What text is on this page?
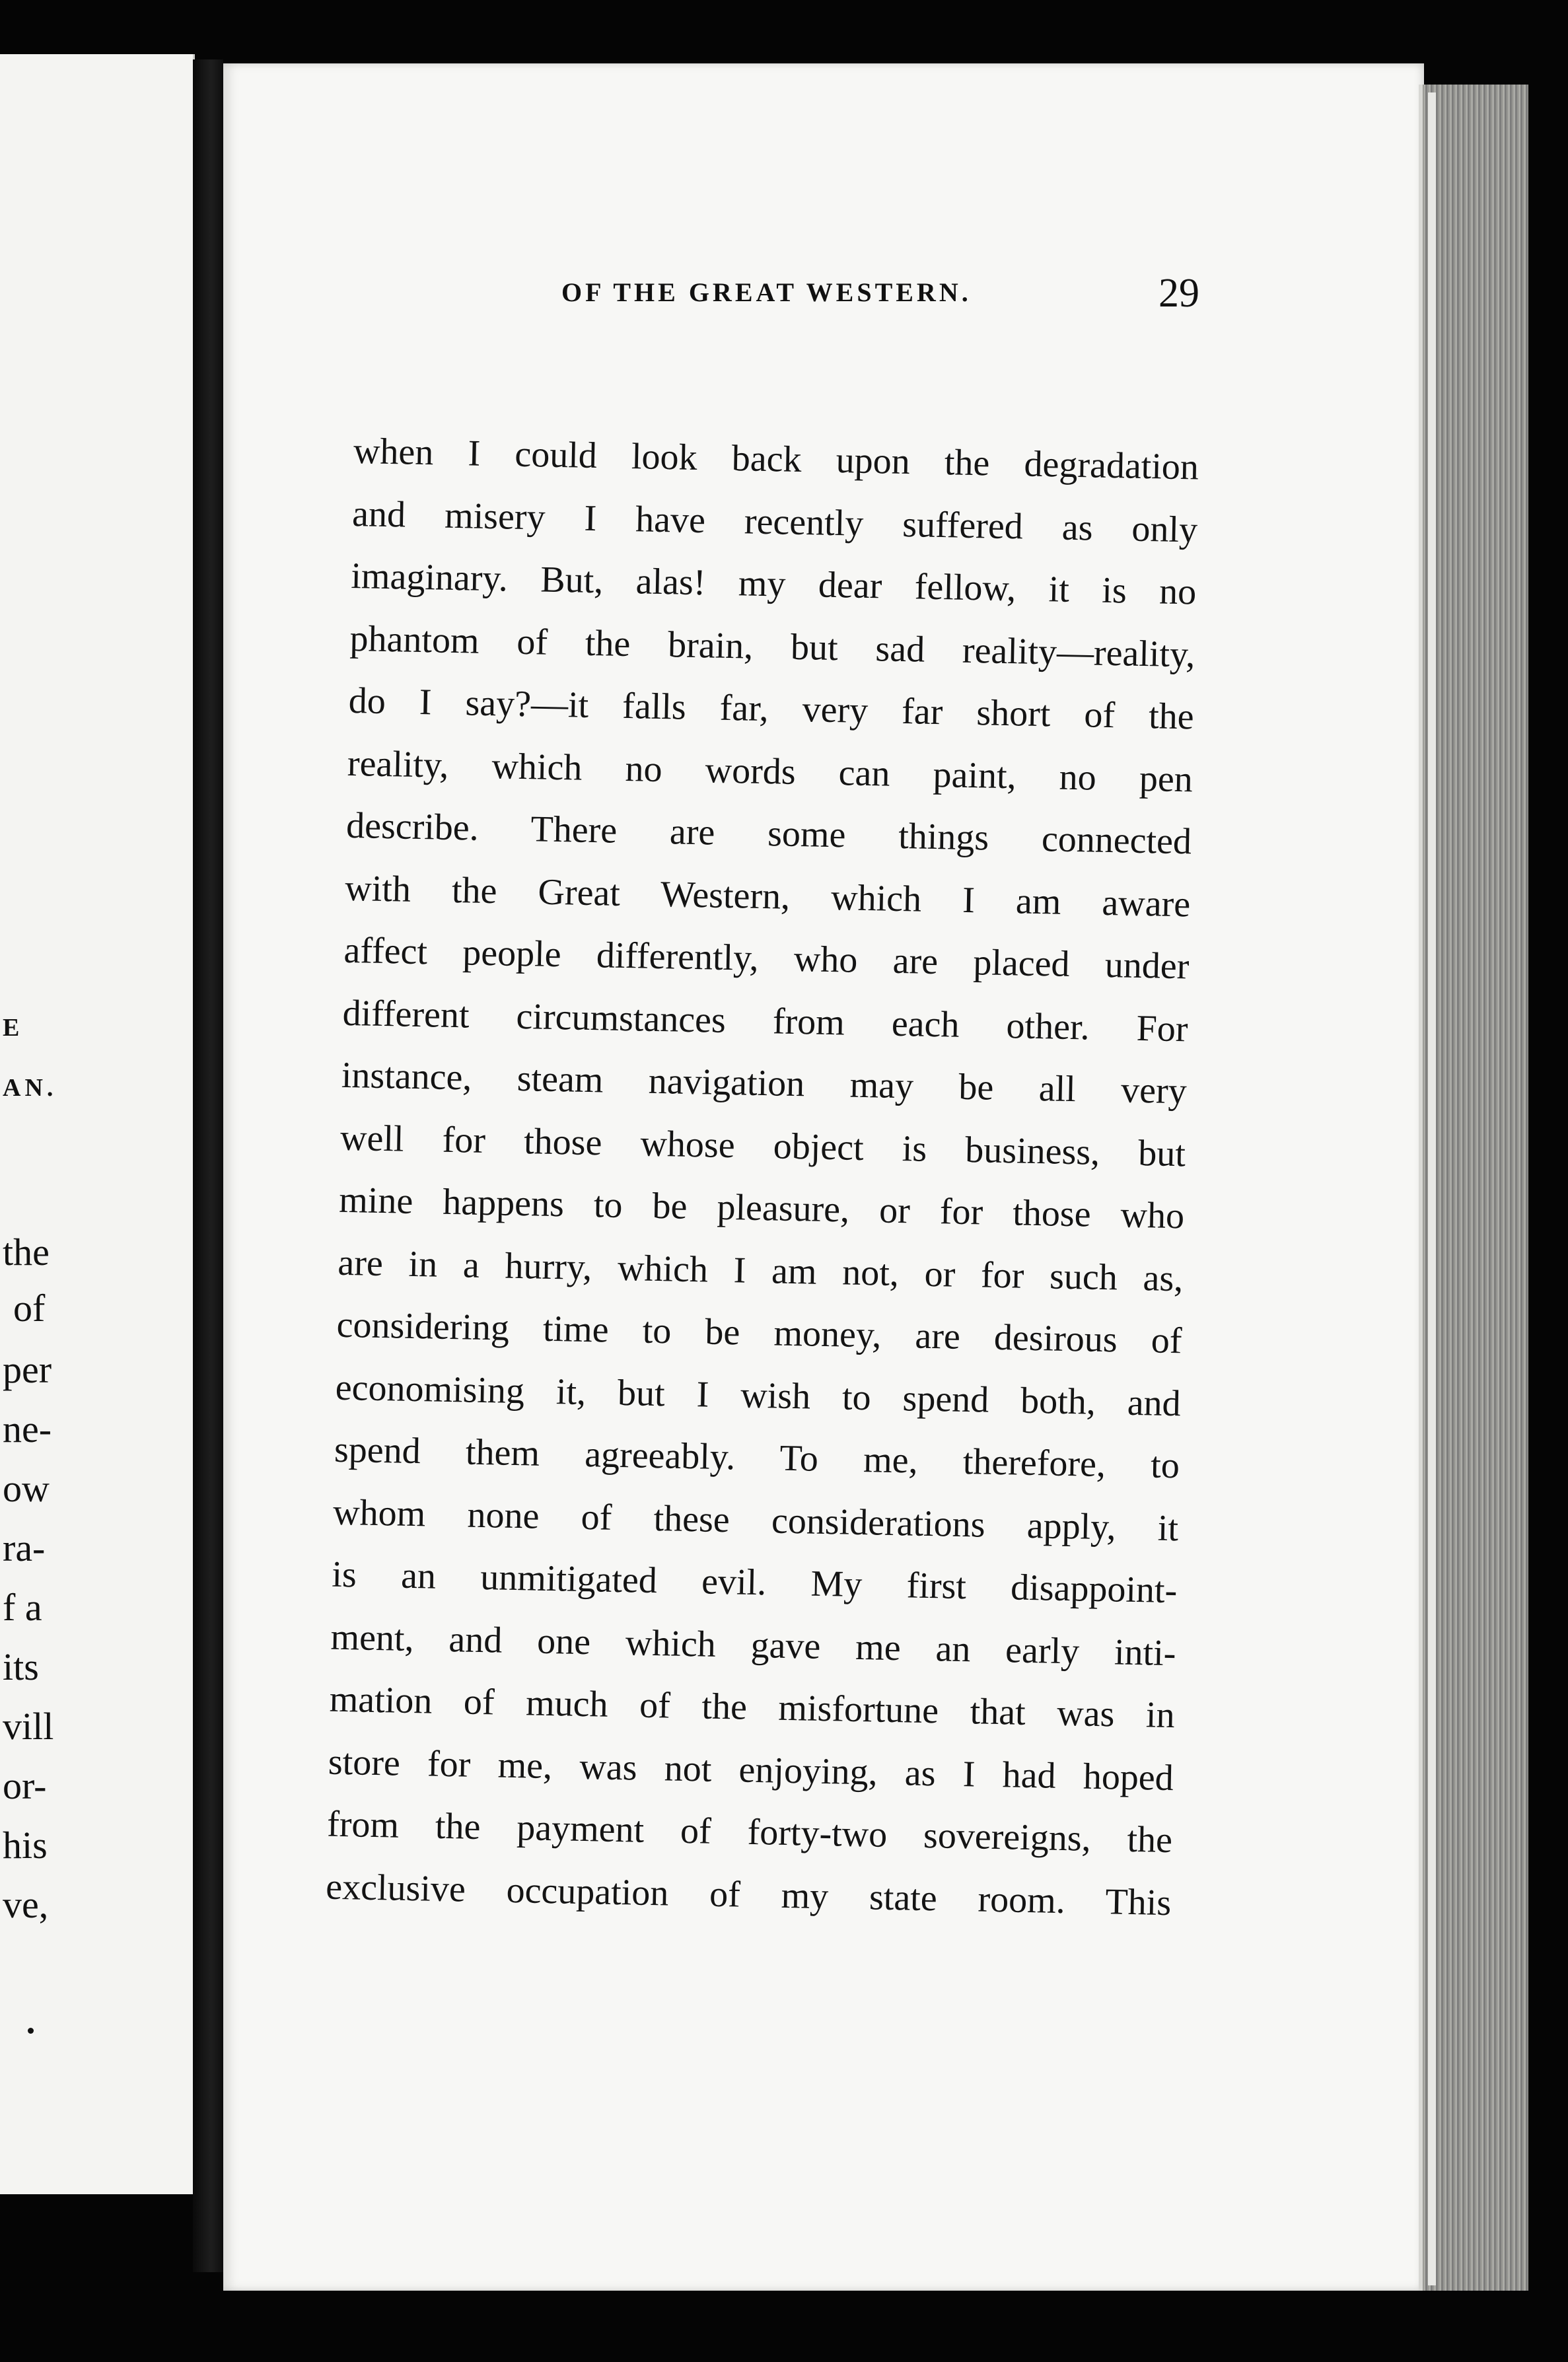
E
AN.
the
of
per
ne-
ow
ra-
f a
its
vill
or-
his
ve,
OF THE GREAT WESTERN.	29
when I could look back upon the degradation
and misery I have recently suffered as only
imaginary. But, alas! my dear fellow, it is no
phantom of the brain, but sad reality—reality,
do I say?—it falls far, very far short of the
reality, which no words can paint, no pen
describe. There are some things connected
with the Great Western, which I am aware
affect people differently, who are placed under
different circumstances from each other. For
instance, steam navigation may be all very
well for those whose object is business, but
mine happens to be pleasure, or for those who
are in a hurry, which I am not, or for such as,
considering time to be money, are desirous of
economising it, but I wish to spend both, and
spend them agreeably. To me, therefore, to
whom none of these considerations apply, it
is an unmitigated evil. My first disappoint-
ment, and one which gave me an early inti-
mation of much of the misfortune that was in
store for me, was not enjoying, as I had hoped
from the payment of forty-two sovereigns, the
exclusive occupation of my state room. This
